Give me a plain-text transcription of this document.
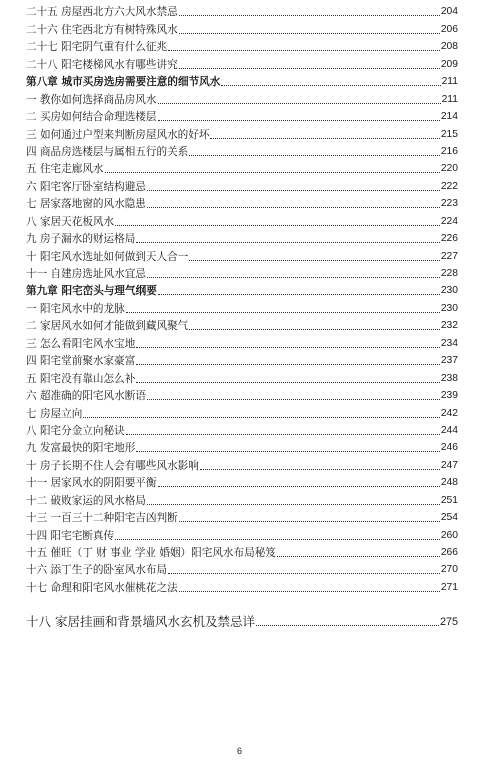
二十五 房屋西北方六大风水禁忌	204
二十六 住宅西北方有树特殊风水	206
二十七 阳宅阴气重有什么征兆	208
二十八 阳宅楼梯风水有哪些讲究	209
第八章 城市买房选房需要注意的细节风水	211
一 教你如何选择商品房风水	211
二 买房如何结合命理选楼层	214
三 如何通过户型来判断房屋风水的好坏	215
四 商品房选楼层与属相五行的关系	216
五 住宅走廊风水	220
六 阳宅客厅卧室结构避忌	222
七 居家落地窗的风水隐患	223
八 家居天花板风水	224
九 房子漏水的财运格局	226
十 阳宅风水选址如何做到天人合一	227
十一 自建房选址风水宜忌	228
第九章 阳宅峦头与理气纲要	230
一 阳宅风水中的龙脉	230
二 家居风水如何才能做到藏风聚气	232
三 怎么看阳宅风水宝地	234
四 阳宅堂前聚水家豪富	237
五 阳宅没有靠山怎么补	238
六 超准确的阳宅风水断语	239
七 房屋立向	242
八 阳宅分金立向秘诀	244
九 发富最快的阳宅地形	246
十 房子长期不住人会有哪些风水影响	247
十一 居家风水的阴阳要平衡	248
十二 破败家运的风水格局	251
十三 一百三十二种阳宅吉凶判断	254
十四 阳宅宅断真传	260
十五 催旺（丁 财 事业 学业 婚姻）阳宅风水布局秘笈	266
十六 添丁生子的卧室风水布局	270
十七 命理和阳宅风水催桃花之法	271
十八 家居挂画和背景墙风水玄机及禁忌详	275
6
